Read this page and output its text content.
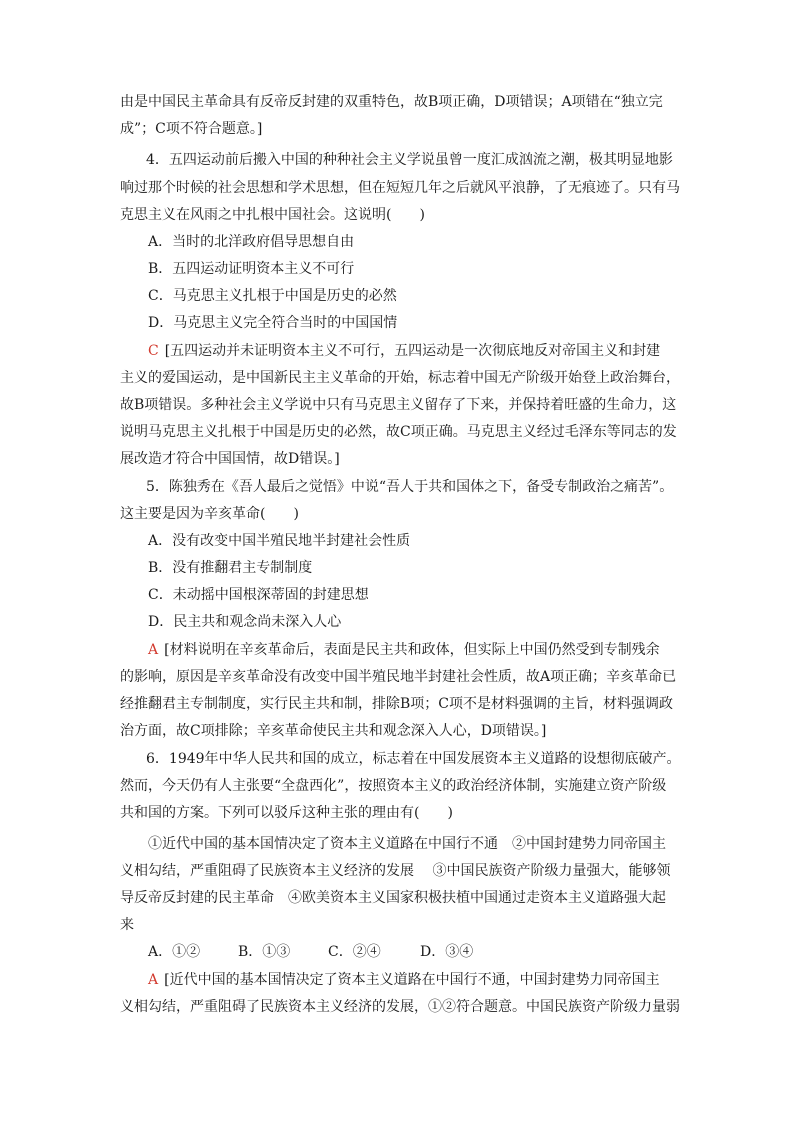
由是中国民主革命具有反帝反封建的双重特色，故B项正确，D项错误；A项错在“独立完
成”；C项不符合题意。]
4．五四运动前后搬入中国的种种社会主义学说虽曾一度汇成汹流之潮，极其明显地影
响过那个时候的社会思想和学术思想，但在短短几年之后就风平浪静，了无痕迹了。只有马
克思主义在风雨之中扎根中国社会。这说明(　　)
A．当时的北洋政府倡导思想自由
B．五四运动证明资本主义不可行
C．马克思主义扎根于中国是历史的必然
D．马克思主义完全符合当时的中国国情
C [五四运动并未证明资本主义不可行，五四运动是一次彻底地反对帝国主义和封建
主义的爱国运动，是中国新民主主义革命的开始，标志着中国无产阶级开始登上政治舞台，
故B项错误。多种社会主义学说中只有马克思主义留存了下来，并保持着旺盛的生命力，这
说明马克思主义扎根于中国是历史的必然，故C项正确。马克思主义经过毛泽东等同志的发
展改造才符合中国国情，故D错误。]
5．陈独秀在《吾人最后之觉悟》中说“吾人于共和国体之下，备受专制政治之痛苦”。
这主要是因为辛亥革命(　　)
A．没有改变中国半殖民地半封建社会性质
B．没有推翻君主专制制度
C．未动摇中国根深蒂固的封建思想
D．民主共和观念尚未深入人心
A [材料说明在辛亥革命后，表面是民主共和政体，但实际上中国仍然受到专制残余
的影响，原因是辛亥革命没有改变中国半殖民地半封建社会性质，故A项正确；辛亥革命已
经推翻君主专制制度，实行民主共和制，排除B项；C项不是材料强调的主旨，材料强调政
治方面，故C项排除；辛亥革命使民主共和观念深入人心，D项错误。]
6．1949年中华人民共和国的成立，标志着在中国发展资本主义道路的设想彻底破产。
然而，今天仍有人主张要“全盘西化”，按照资本主义的政治经济体制，实施建立资产阶级
共和国的方案。下列可以驳斥这种主张的理由有(　　)
①近代中国的基本国情决定了资本主义道路在中国行不通　②中国封建势力同帝国主
义相勾结，严重阻碍了民族资本主义经济的发展　 ③中国民族资产阶级力量强大，能够领
导反帝反封建的民主革命　④欧美资本主义国家积极扶植中国通过走资本主义道路强大起
来
A．①②	B．①③	C．②④	D．③④
A [近代中国的基本国情决定了资本主义道路在中国行不通，中国封建势力同帝国主
义相勾结，严重阻碍了民族资本主义经济的发展，①②符合题意。中国民族资产阶级力量弱
